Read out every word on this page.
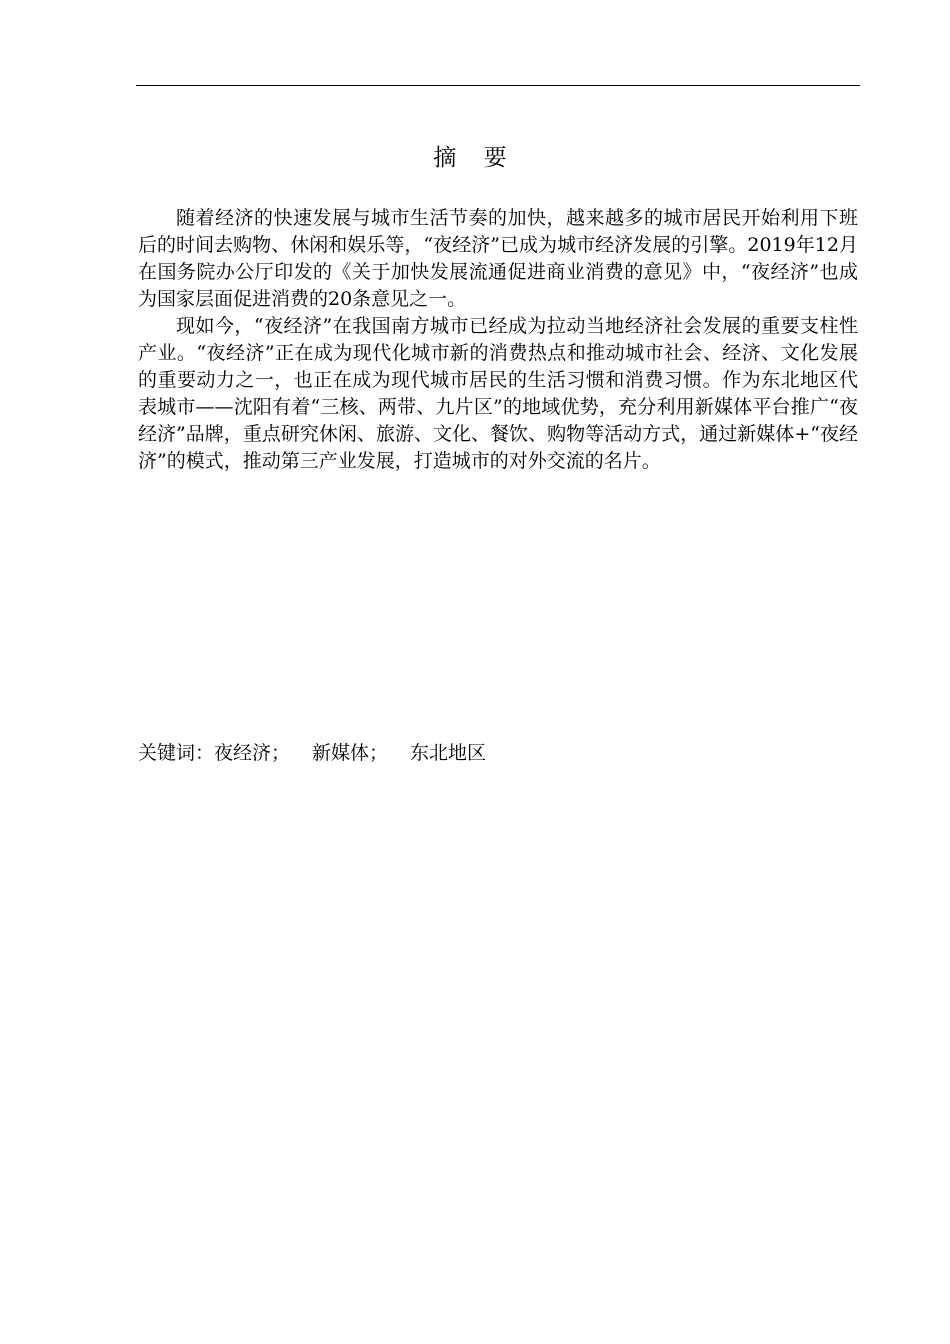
摘 要

随着经济的快速发展与城市生活节奏的加快，越来越多的城市居民开始利用下班后的时间去购物、休闲和娱乐等，“夜经济”已成为城市经济发展的引擎。2019年12月在国务院办公厅印发的《关于加快发展流通促进商业消费的意见》中，“夜经济”也成为国家层面促进消费的20条意见之一。

现如今，“夜经济”在我国南方城市已经成为拉动当地经济社会发展的重要支柱性产业。“夜经济”正在成为现代化城市新的消费热点和推动城市社会、经济、文化发展的重要动力之一，也正在成为现代城市居民的生活习惯和消费习惯。作为东北地区代表城市——沈阳有着“三核、两带、九片区”的地域优势，充分利用新媒体平台推广“夜经济”品牌，重点研究休闲、旅游、文化、餐饮、购物等活动方式，通过新媒体+“夜经济”的模式，推动第三产业发展，打造城市的对外交流的名片。

关键词：夜经济； 新媒体； 东北地区
